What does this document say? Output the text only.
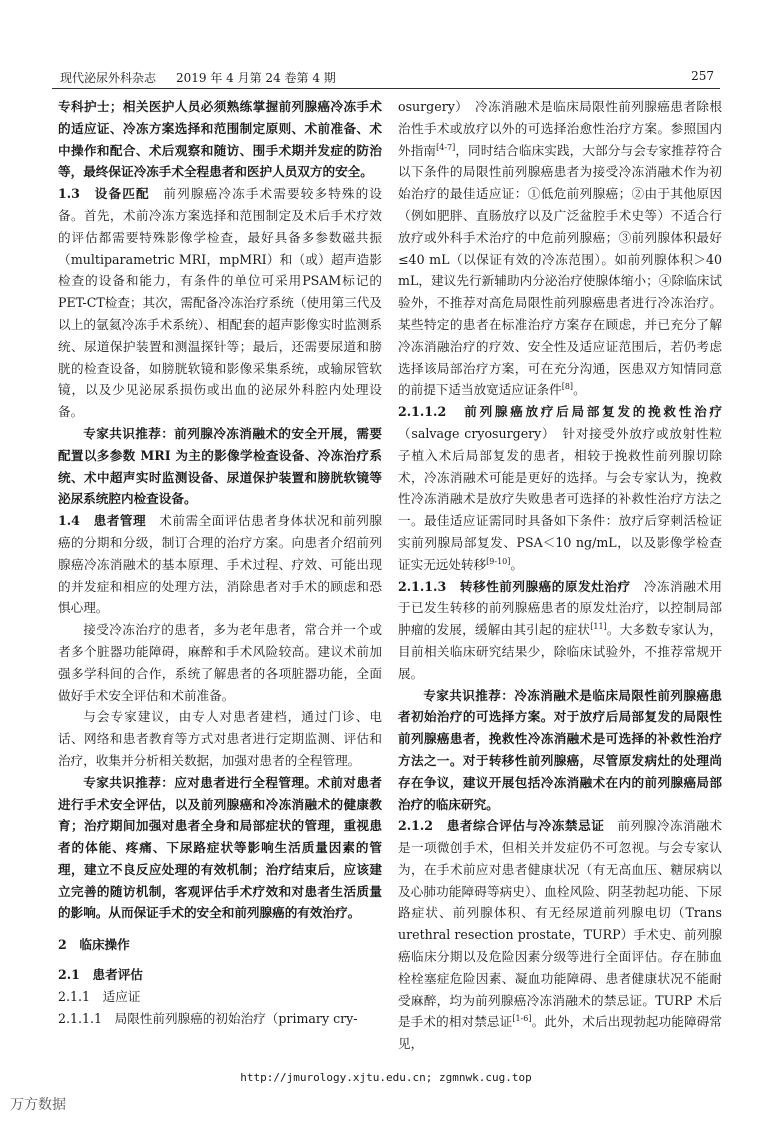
现代泌尿外科杂志 2019 年 4 月第 24 卷第 4 期	257

专科护士；相关医护人员必须熟练掌握前列腺癌冷冻手术的适应证、冷冻方案选择和范围制定原则、术前准备、术中操作和配合、术后观察和随访、围手术期并发症的防治等，最终保证冷冻手术全程患者和医护人员双方的安全。

1.3　设备匹配　前列腺癌冷冻手术需要较多特殊的设备。首先，术前冷冻方案选择和范围制定及术后手术疗效的评估都需要特殊影像学检查，最好具备多参数磁共振（multiparametric MRI，mpMRI）和（或）超声造影检查的设备和能力，有条件的单位可采用PSAM标记的PET-CT检查；其次，需配备冷冻治疗系统（使用第三代及以上的氩氦冷冻手术系统）、相配套的超声影像实时监测系统、尿道保护装置和测温探针等；最后，还需要尿道和膀胱的检查设备，如膀胱软镜和影像采集系统，或输尿管软镜，以及少见泌尿系损伤或出血的泌尿外科腔内处理设备。

专家共识推荐：前列腺冷冻消融术的安全开展，需要配置以多参数 MRI 为主的影像学检查设备、冷冻治疗系统、术中超声实时监测设备、尿道保护装置和膀胱软镜等泌尿系统腔内检查设备。

1.4　患者管理　术前需全面评估患者身体状况和前列腺癌的分期和分级，制订合理的治疗方案。向患者介绍前列腺癌冷冻消融术的基本原理、手术过程、疗效、可能出现的并发症和相应的处理方法，消除患者对手术的顾虑和恐惧心理。

接受冷冻治疗的患者，多为老年患者，常合并一个或者多个脏器功能障碍，麻醉和手术风险较高。建议术前加强多学科间的合作，系统了解患者的各项脏器功能，全面做好手术安全评估和术前准备。

与会专家建议，由专人对患者建档，通过门诊、电话、网络和患者教育等方式对患者进行定期监测、评估和治疗，收集并分析相关数据，加强对患者的全程管理。

专家共识推荐：应对患者进行全程管理。术前对患者进行手术安全评估，以及前列腺癌和冷冻消融术的健康教育；治疗期间加强对患者全身和局部症状的管理，重视患者的体能、疼痛、下尿路症状等影响生活质量因素的管理，建立不良反应处理的有效机制；治疗结束后，应该建立完善的随访机制，客观评估手术疗效和对患者生活质量的影响。从而保证手术的安全和前列腺癌的有效治疗。

2　临床操作

2.1　患者评估

2.1.1　适应证

2.1.1.1　局限性前列腺癌的初始治疗（primary cry-

osurgery）　冷冻消融术是临床局限性前列腺癌患者除根治性手术或放疗以外的可选择治愈性治疗方案。参照国内外指南[4-7]，同时结合临床实践，大部分与会专家推荐符合以下条件的局限性前列腺癌患者为接受冷冻消融术作为初始治疗的最佳适应证：①低危前列腺癌；②由于其他原因（例如肥胖、直肠放疗以及广泛盆腔手术史等）不适合行放疗或外科手术治疗的中危前列腺癌；③前列腺体积最好≤40 mL（以保证有效的冷冻范围）。如前列腺体积＞40 mL，建议先行新辅助内分泌治疗使腺体缩小；④除临床试验外，不推荐对高危局限性前列腺癌患者进行冷冻治疗。某些特定的患者在标准治疗方案存在顾虑，并已充分了解冷冻消融治疗的疗效、安全性及适应证范围后，若仍考虑选择该局部治疗方案，可在充分沟通，医患双方知情同意的前提下适当放宽适应证条件[8]。

2.1.1.2　前列腺癌放疗后局部复发的挽救性治疗（salvage cryosurgery）　针对接受外放疗或放射性粒子植入术后局部复发的患者，相较于挽救性前列腺切除术，冷冻消融术可能是更好的选择。与会专家认为，挽救性冷冻消融术是放疗失败患者可选择的补救性治疗方法之一。最佳适应证需同时具备如下条件：放疗后穿刺活检证实前列腺局部复发、PSA＜10 ng/mL，以及影像学检查证实无远处转移[9-10]。

2.1.1.3　转移性前列腺癌的原发灶治疗　冷冻消融术用于已发生转移的前列腺癌患者的原发灶治疗，以控制局部肿瘤的发展，缓解由其引起的症状[11]。大多数专家认为，目前相关临床研究结果少，除临床试验外，不推荐常规开展。

专家共识推荐：冷冻消融术是临床局限性前列腺癌患者初始治疗的可选择方案。对于放疗后局部复发的局限性前列腺癌患者，挽救性冷冻消融术是可选择的补救性治疗方法之一。对于转移性前列腺癌，尽管原发病灶的处理尚存在争议，建议开展包括冷冻消融术在内的前列腺癌局部治疗的临床研究。

2.1.2　患者综合评估与冷冻禁忌证　前列腺冷冻消融术是一项微创手术，但相关并发症仍不可忽视。与会专家认为，在手术前应对患者健康状况（有无高血压、糖尿病以及心肺功能障碍等病史）、血栓风险、阴茎勃起功能、下尿路症状、前列腺体积、有无经尿道前列腺电切（Trans urethral resection prostate，TURP）手术史、前列腺癌临床分期以及危险因素分级等进行全面评估。存在肺血栓栓塞症危险因素、凝血功能障碍、患者健康状况不能耐受麻醉，均为前列腺癌冷冻消融术的禁忌证。TURP 术后是手术的相对禁忌证[1-6]。此外，术后出现勃起功能障碍常见，

http://jmurology.xjtu.edu.cn; zgmnwk.cug.top
万方数据
